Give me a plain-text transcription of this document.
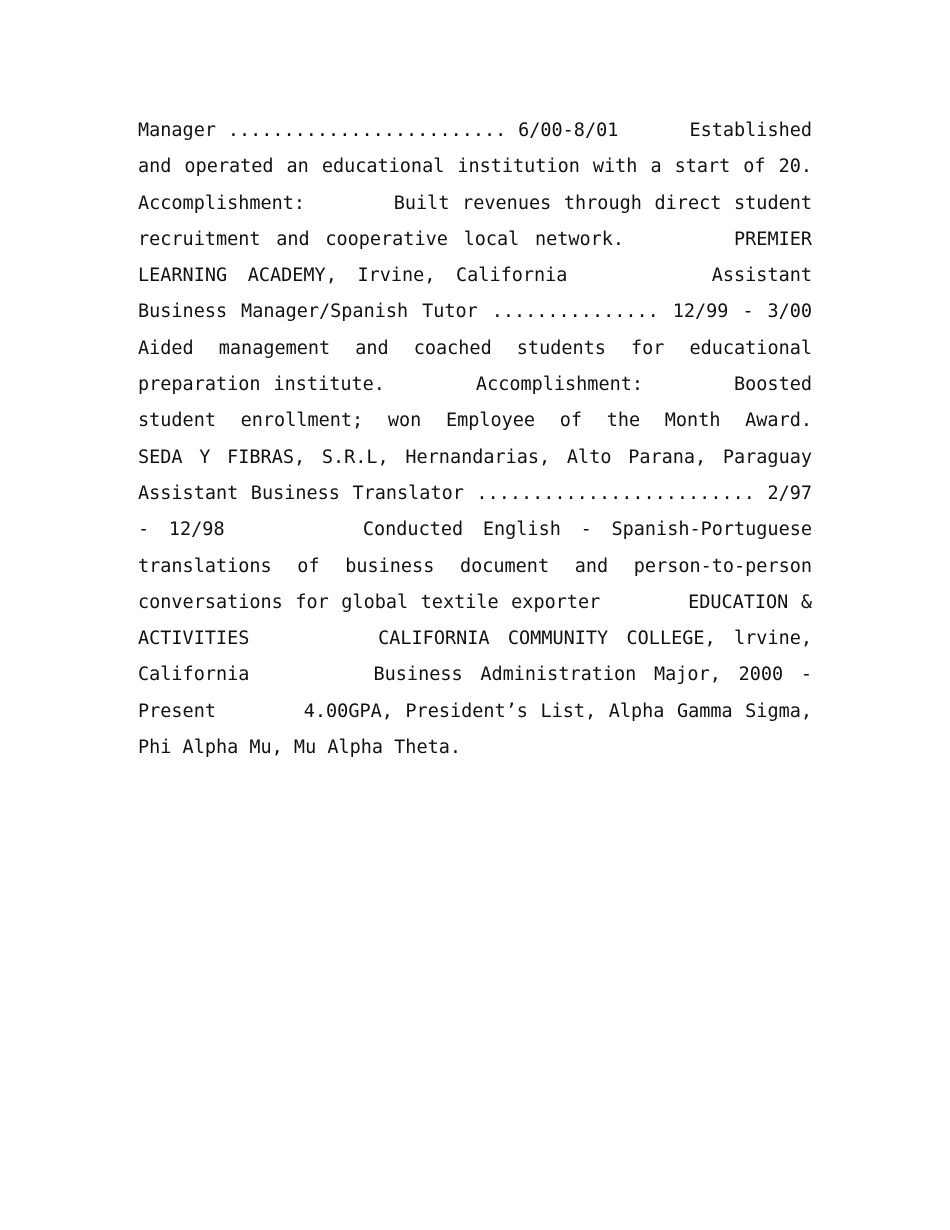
Manager ......................... 6/00-8/01      Established and operated an educational institution with a start of 20.  Accomplishment:       Built revenues through direct student recruitment and cooperative local network.       PREMIER LEARNING ACADEMY, Irvine, California       Assistant Business Manager/Spanish Tutor ............... 12/99 - 3/00      Aided management and coached students for educational preparation institute.       Accomplishment:       Boosted student enrollment; won Employee of the Month Award.       SEDA Y FIBRAS, S.R.L, Hernandarias, Alto Parana, Paraguay Assistant Business Translator ......................... 2/97 - 12/98       Conducted English - Spanish-Portuguese translations of business document and person-to-person conversations for global textile exporter       EDUCATION & ACTIVITIES       CALIFORNIA COMMUNITY COLLEGE, lrvine, California       Business Administration Major, 2000 - Present       4.00GPA, President’s List, Alpha Gamma Sigma, Phi Alpha Mu, Mu Alpha Theta.
